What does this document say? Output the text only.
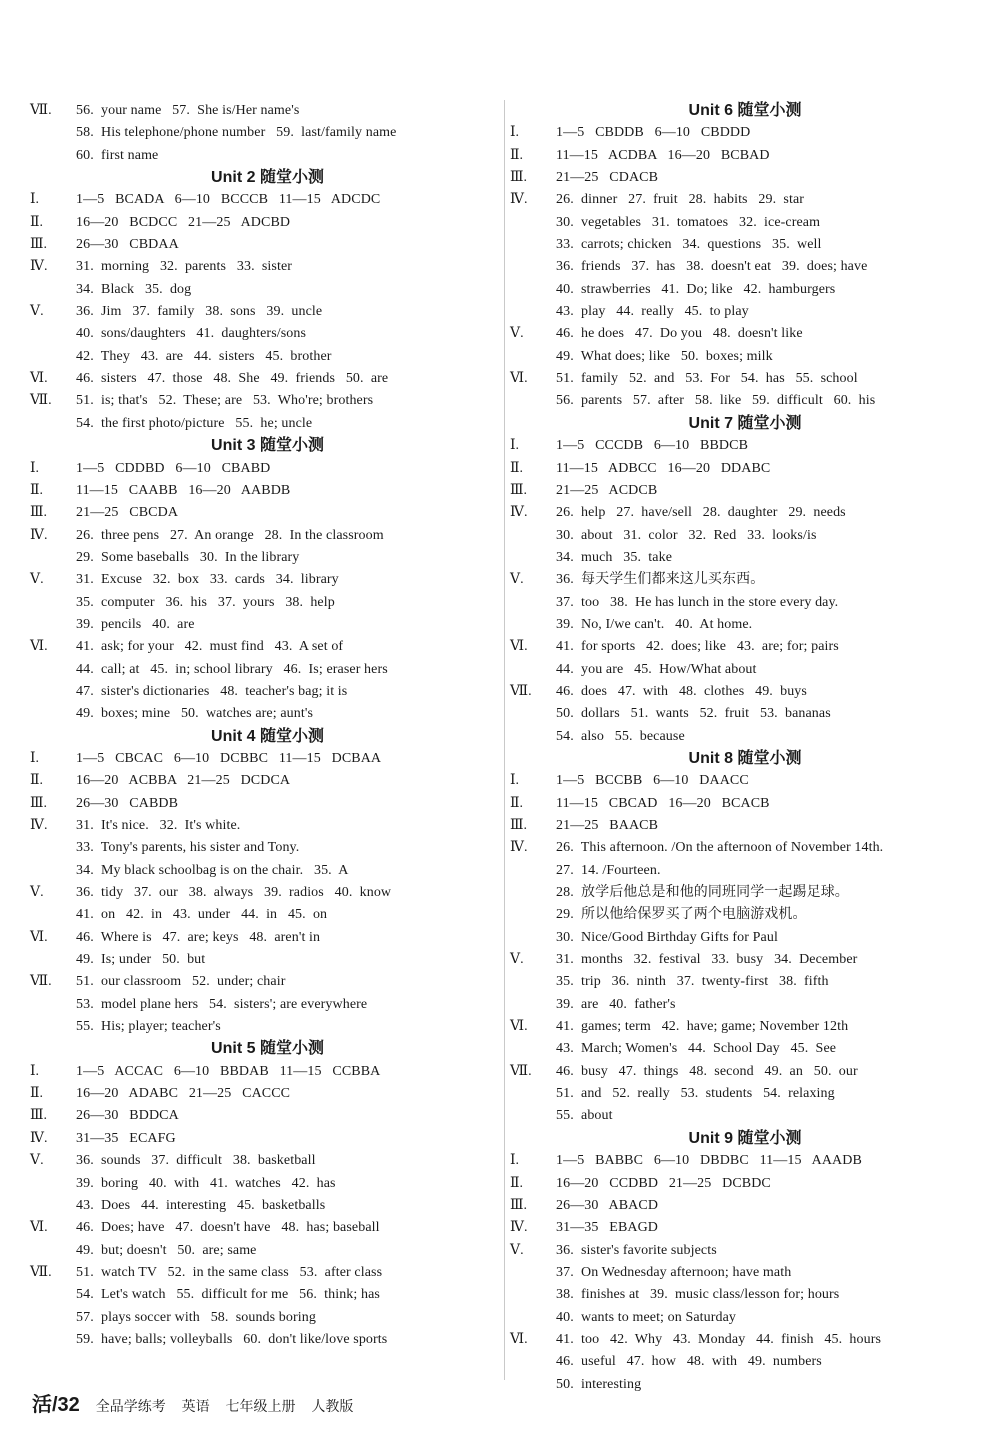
Ⅶ.	56.  your name   57.  She is/Her name's
58.  His telephone/phone number   59.  last/family name
60.  first name
Unit 2 随堂小测
Ⅰ.	1—5   BCADA   6—10   BCCCB   11—15   ADCDC
Ⅱ.	16—20   BCDCC   21—25   ADCBD
Ⅲ.	26—30   CBDAA
Ⅳ.	31.  morning   32.  parents   33.  sister
34.  Black   35.  dog
Ⅴ.	36.  Jim   37.  family   38.  sons   39.  uncle
40.  sons/daughters   41.  daughters/sons
42.  They   43.  are   44.  sisters   45.  brother
Ⅵ.	46.  sisters   47.  those   48.  She   49.  friends   50.  are
Ⅶ.	51.  is; that's   52.  These; are   53.  Who're; brothers
54.  the first photo/picture   55.  he; uncle
Unit 3 随堂小测
Ⅰ.	1—5   CDDBD   6—10   CBABD
Ⅱ.	11—15   CAABB   16—20   AABDB
Ⅲ.	21—25   CBCDA
Ⅳ.	26.  three pens   27.  An orange   28.  In the classroom
29.  Some baseballs   30.  In the library
Ⅴ.	31.  Excuse   32.  box   33.  cards   34.  library
35.  computer   36.  his   37.  yours   38.  help
39.  pencils   40.  are
Ⅵ.	41.  ask; for your   42.  must find   43.  A set of
44.  call; at   45.  in; school library   46.  Is; eraser hers
47.  sister's dictionaries   48.  teacher's bag; it is
49.  boxes; mine   50.  watches are; aunt's
Unit 4 随堂小测
Ⅰ.	1—5   CBCAC   6—10   DCBBC   11—15   DCBAA
Ⅱ.	16—20   ACBBA   21—25   DCDCA
Ⅲ.	26—30   CABDB
Ⅳ.	31.  It's nice.   32.  It's white.
33.  Tony's parents, his sister and Tony.
34.  My black schoolbag is on the chair.   35.  A
Ⅴ.	36.  tidy   37.  our   38.  always   39.  radios   40.  know
41.  on   42.  in   43.  under   44.  in   45.  on
Ⅵ.	46.  Where is   47.  are; keys   48.  aren't in
49.  Is; under   50.  but
Ⅶ.	51.  our classroom   52.  under; chair
53.  model plane hers   54.  sisters'; are everywhere
55.  His; player; teacher's
Unit 5 随堂小测
Ⅰ.	1—5   ACCAC   6—10   BBDAB   11—15   CCBBA
Ⅱ.	16—20   ADABC   21—25   CACCC
Ⅲ.	26—30   BDDCA
Ⅳ.	31—35   ECAFG
Ⅴ.	36.  sounds   37.  difficult   38.  basketball
39.  boring   40.  with   41.  watches   42.  has
43.  Does   44.  interesting   45.  basketballs
Ⅵ.	46.  Does; have   47.  doesn't have   48.  has; baseball
49.  but; doesn't   50.  are; same
Ⅶ.	51.  watch TV   52.  in the same class   53.  after class
54.  Let's watch   55.  difficult for me   56.  think; has
57.  plays soccer with   58.  sounds boring
59.  have; balls; volleyballs   60.  don't like/love sports
Unit 6 随堂小测
Ⅰ.	1—5   CBDDB   6—10   CBDDD
Ⅱ.	11—15   ACDBA   16—20   BCBAD
Ⅲ.	21—25   CDACB
Ⅳ.	26.  dinner   27.  fruit   28.  habits   29.  star
30.  vegetables   31.  tomatoes   32.  ice-cream
33.  carrots; chicken   34.  questions   35.  well
36.  friends   37.  has   38.  doesn't eat   39.  does; have
40.  strawberries   41.  Do; like   42.  hamburgers
43.  play   44.  really   45.  to play
Ⅴ.	46.  he does   47.  Do you   48.  doesn't like
49.  What does; like   50.  boxes; milk
Ⅵ.	51.  family   52.  and   53.  For   54.  has   55.  school
56.  parents   57.  after   58.  like   59.  difficult   60.  his
Unit 7 随堂小测
Ⅰ.	1—5   CCCDB   6—10   BBDCB
Ⅱ.	11—15   ADBCC   16—20   DDABC
Ⅲ.	21—25   ACDCB
Ⅳ.	26.  help   27.  have/sell   28.  daughter   29.  needs
30.  about   31.  color   32.  Red   33.  looks/is
34.  much   35.  take
Ⅴ.	36.  每天学生们都来这儿买东西。
37.  too   38.  He has lunch in the store every day.
39.  No, I/we can't.   40.  At home.
Ⅵ.	41.  for sports   42.  does; like   43.  are; for; pairs
44.  you are   45.  How/What about
Ⅶ.	46.  does   47.  with   48.  clothes   49.  buys
50.  dollars   51.  wants   52.  fruit   53.  bananas
54.  also   55.  because
Unit 8 随堂小测
Ⅰ.	1—5   BCCBB   6—10   DAACC
Ⅱ.	11—15   CBCAD   16—20   BCACB
Ⅲ.	21—25   BAACB
Ⅳ.	26.  This afternoon. /On the afternoon of November 14th.
27.  14. /Fourteen.
28.  放学后他总是和他的同班同学一起踢足球。
29.  所以他给保罗买了两个电脑游戏机。
30.  Nice/Good Birthday Gifts for Paul
Ⅴ.	31.  months   32.  festival   33.  busy   34.  December
35.  trip   36.  ninth   37.  twenty-first   38.  fifth
39.  are   40.  father's
Ⅵ.	41.  games; term   42.  have; game; November 12th
43.  March; Women's   44.  School Day   45.  See
Ⅶ.	46.  busy   47.  things   48.  second   49.  an   50.  our
51.  and   52.  really   53.  students   54.  relaxing
55.  about
Unit 9 随堂小测
Ⅰ.	1—5   BABBC   6—10   DBDBC   11—15   AAADB
Ⅱ.	16—20   CCDBD   21—25   DCBDC
Ⅲ.	26—30   ABACD
Ⅳ.	31—35   EBAGD
Ⅴ.	36.  sister's favorite subjects
37.  On Wednesday afternoon; have math
38.  finishes at   39.  music class/lesson for; hours
40.  wants to meet; on Saturday
Ⅵ.	41.  too   42.  Why   43.  Monday   44.  finish   45.  hours
46.  useful   47.  how   48.  with   49.  numbers
50.  interesting
活/32 全品学练考 英语 七年级上册 人教版
